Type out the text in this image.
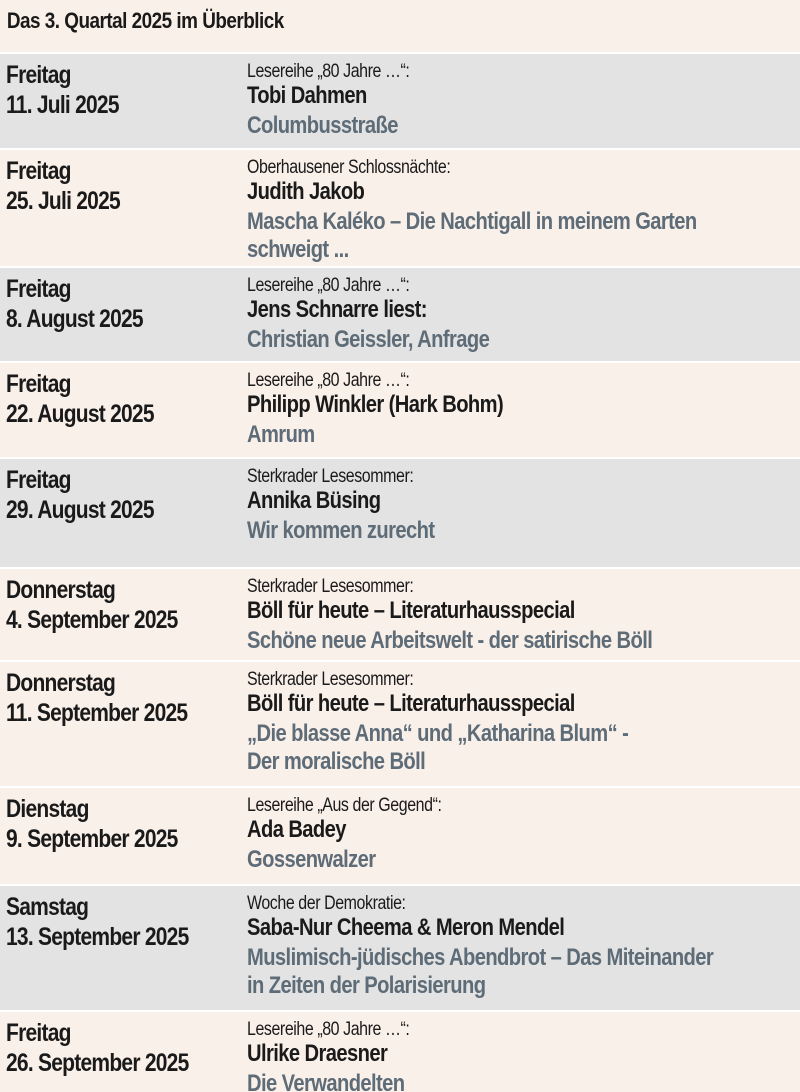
Das 3. Quartal 2025 im Überblick
Freitag
11. Juli 2025
Lesereihe „80 Jahre …“:
Tobi Dahmen
Columbusstraße
Freitag
25. Juli 2025
Oberhausener Schlossnächte:
Judith Jakob
Mascha Kaléko – Die Nachtigall in meinem Garten
schweigt ...
Freitag
8. August 2025
Lesereihe „80 Jahre …“:
Jens Schnarre liest:
Christian Geissler, Anfrage
Freitag
22. August 2025
Lesereihe „80 Jahre …“:
Philipp Winkler (Hark Bohm)
Amrum
Freitag
29. August 2025
Sterkrader Lesesommer:
Annika Büsing
Wir kommen zurecht
Donnerstag
4. September 2025
Sterkrader Lesesommer:
Böll für heute – Literaturhausspecial
Schöne neue Arbeitswelt - der satirische Böll
Donnerstag
11. September 2025
Sterkrader Lesesommer:
Böll für heute – Literaturhausspecial
„Die blasse Anna“ und „Katharina Blum“ -
Der moralische Böll
Dienstag
9. September 2025
Lesereihe „Aus der Gegend“:
Ada Badey
Gossenwalzer
Samstag
13. September 2025
Woche der Demokratie:
Saba-Nur Cheema & Meron Mendel
Muslimisch-jüdisches Abendbrot – Das Miteinander
in Zeiten der Polarisierung
Freitag
26. September 2025
Lesereihe „80 Jahre …“:
Ulrike Draesner
Die Verwandelten
